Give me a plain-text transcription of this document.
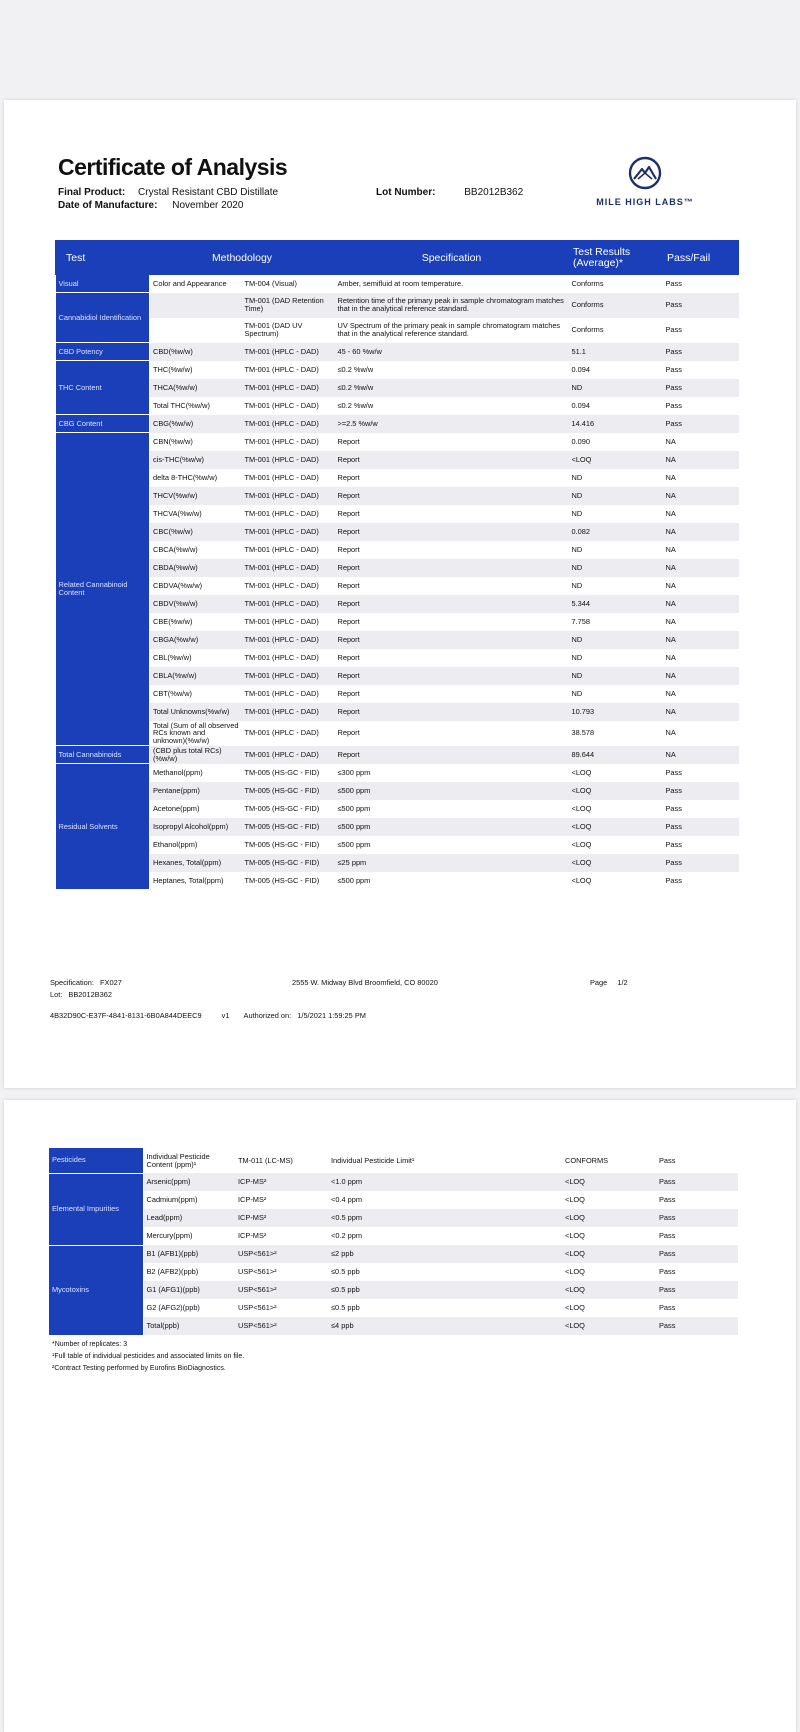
Certificate of Analysis
Final Product: Crystal Resistant CBD Distillate
Date of Manufacture: November 2020
Lot Number:	BB2012B362
MILE HIGH LABS™
Test	Methodology		Specification	Test Results (Average)*	Pass/Fail
Visual	Color and Appearance	TM-004 (Visual)	Amber, semifluid at room temperature.	Conforms	Pass
Cannabidiol Identification		TM-001 (DAD Retention Time)	Retention time of the primary peak in sample chromatogram matches that in the analytical reference standard.	Conforms	Pass
		TM-001 (DAD UV Spectrum)	UV Spectrum of the primary peak in sample chromatogram matches that in the analytical reference standard.	Conforms	Pass
CBD Potency	CBD(%w/w)	TM-001 (HPLC - DAD)	45 - 60 %w/w	51.1	Pass
THC Content	THC(%w/w)	TM-001 (HPLC - DAD)	≤0.2 %w/w	0.094	Pass
	THCA(%w/w)	TM-001 (HPLC - DAD)	≤0.2 %w/w	ND	Pass
	Total THC(%w/w)	TM-001 (HPLC - DAD)	≤0.2 %w/w	0.094	Pass
CBG Content	CBG(%w/w)	TM-001 (HPLC - DAD)	>=2.5 %w/w	14.416	Pass
Related Cannabinoid Content	CBN(%w/w)	TM-001 (HPLC - DAD)	Report	0.090	NA
	cis-THC(%w/w)	TM-001 (HPLC - DAD)	Report	<LOQ	NA
	delta 8-THC(%w/w)	TM-001 (HPLC - DAD)	Report	ND	NA
	THCV(%w/w)	TM-001 (HPLC - DAD)	Report	ND	NA
	THCVA(%w/w)	TM-001 (HPLC - DAD)	Report	ND	NA
	CBC(%w/w)	TM-001 (HPLC - DAD)	Report	0.082	NA
	CBCA(%w/w)	TM-001 (HPLC - DAD)	Report	ND	NA
	CBDA(%w/w)	TM-001 (HPLC - DAD)	Report	ND	NA
	CBDVA(%w/w)	TM-001 (HPLC - DAD)	Report	ND	NA
	CBDV(%w/w)	TM-001 (HPLC - DAD)	Report	5.344	NA
	CBE(%w/w)	TM-001 (HPLC - DAD)	Report	7.758	NA
	CBGA(%w/w)	TM-001 (HPLC - DAD)	Report	ND	NA
	CBL(%w/w)	TM-001 (HPLC - DAD)	Report	ND	NA
	CBLA(%w/w)	TM-001 (HPLC - DAD)	Report	ND	NA
	CBT(%w/w)	TM-001 (HPLC - DAD)	Report	ND	NA
	Total Unknowns(%w/w)	TM-001 (HPLC - DAD)	Report	10.793	NA
	Total (Sum of all observed RCs known and unknown)(%w/w)	TM-001 (HPLC - DAD)	Report	38.578	NA
Total Cannabinoids	(CBD plus total RCs)(%w/w)	TM-001 (HPLC - DAD)	Report	89.644	NA
Residual Solvents	Methanol(ppm)	TM-005 (HS-GC - FID)	≤300 ppm	<LOQ	Pass
	Pentane(ppm)	TM-005 (HS-GC - FID)	≤500 ppm	<LOQ	Pass
	Acetone(ppm)	TM-005 (HS-GC - FID)	≤500 ppm	<LOQ	Pass
	Isopropyl Alcohol(ppm)	TM-005 (HS-GC - FID)	≤500 ppm	<LOQ	Pass
	Ethanol(ppm)	TM-005 (HS-GC - FID)	≤500 ppm	<LOQ	Pass
	Hexanes, Total(ppm)	TM-005 (HS-GC - FID)	≤25 ppm	<LOQ	Pass
	Heptanes, Total(ppm)	TM-005 (HS-GC - FID)	≤500 ppm	<LOQ	Pass
Specification: FX027
Lot: BB2012B362
2555 W. Midway Blvd Broomfield, CO 80020	Page 1/2
4B32D90C-E37F-4841-8131-6B0A844DEEC9	v1 Authorized on: 1/5/2021 1:59:25 PM
Pesticides	Individual Pesticide Content (ppm)¹	TM-011 (LC-MS)	Individual Pesticide Limit¹	CONFORMS	Pass
Elemental Impurities	Arsenic(ppm)	ICP-MS²	<1.0 ppm	<LOQ	Pass
	Cadmium(ppm)	ICP-MS²	<0.4 ppm	<LOQ	Pass
	Lead(ppm)	ICP-MS²	<0.5 ppm	<LOQ	Pass
	Mercury(ppm)	ICP-MS²	<0.2 ppm	<LOQ	Pass
Mycotoxins	B1 (AFB1)(ppb)	USP<561>²	≤2 ppb	<LOQ	Pass
	B2 (AFB2)(ppb)	USP<561>²	≤0.5 ppb	<LOQ	Pass
	G1 (AFG1)(ppb)	USP<561>²	≤0.5 ppb	<LOQ	Pass
	G2 (AFG2)(ppb)	USP<561>²	≤0.5 ppb	<LOQ	Pass
	Total(ppb)	USP<561>²	≤4 ppb	<LOQ	Pass
*Number of replicates: 3
¹Full table of individual pesticides and associated limits on file.
²Contract Testing performed by Eurofins BioDiagnostics.
